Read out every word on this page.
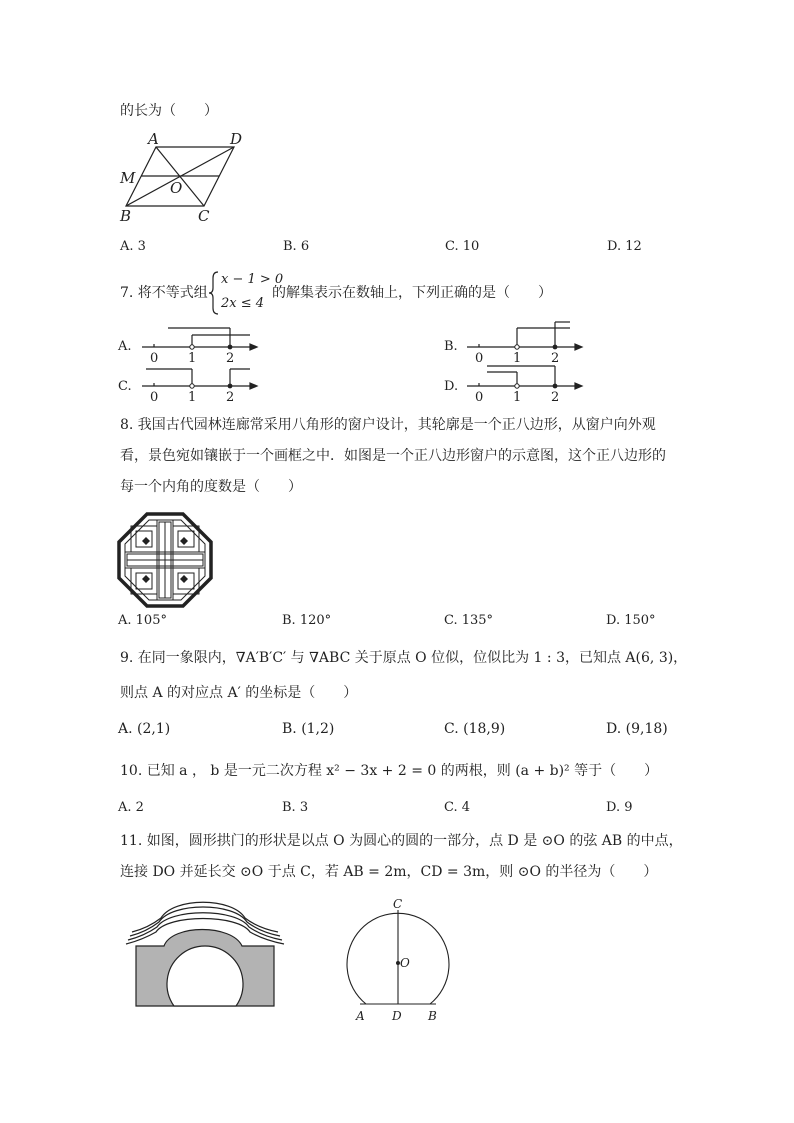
的长为（　　）
A	D
M
O
B	C
A. 3	B. 6	C. 10	D. 12
7. 将不等式组
x − 1 > 0
2x ≤ 4
的解集表示在数轴上，下列正确的是（　　）
A.
0 1 2
B.
0 1 2
C.
0 1 2
D.
0 1 2
8. 我国古代园林连廊常采用八角形的窗户设计，其轮廓是一个正八边形，从窗户向外观
看，景色宛如镶嵌于一个画框之中．如图是一个正八边形窗户的示意图，这个正八边形的
每一个内角的度数是（　　）
A. 105°	B. 120°	C. 135°	D. 150°
9. 在同一象限内，∇A′B′C′ 与 ∇ABC 关于原点 O 位似，位似比为 1 : 3，已知点 A(6, 3)，
则点 A 的对应点 A′ 的坐标是（　　）
A. (2,1)	B. (1,2)	C. (18,9)	D. (9,18)
10. 已知 a ， b 是一元二次方程 x² − 3x + 2 = 0 的两根，则 (a + b)² 等于（　　）
A. 2	B. 3	C. 4	D. 9
11. 如图，圆形拱门的形状是以点 O 为圆心的圆的一部分，点 D 是 ⊙O 的弦 AB 的中点，
连接 DO 并延长交 ⊙O 于点 C，若 AB = 2m，CD = 3m，则 ⊙O 的半径为（　　）
C
O
A D B
